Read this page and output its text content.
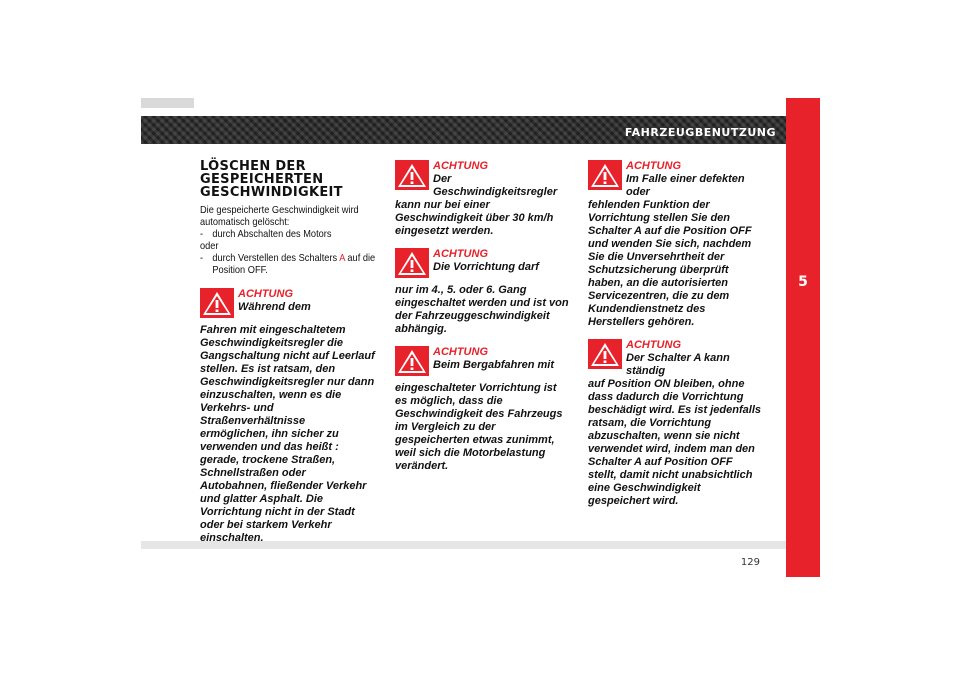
FAHRZEUGBENUTZUNG
5
129
LÖSCHEN DER
GESPEICHERTEN
GESCHWINDIGKEIT
Die gespeicherte Geschwindigkeit wird automatisch gelöscht:
- durch Abschalten des Motors
oder
- durch Verstellen des Schalters A auf die Position OFF.
ACHTUNG
Während dem
Fahren mit eingeschaltetem Geschwindigkeitsregler die Gangschaltung nicht auf Leerlauf stellen. Es ist ratsam, den Geschwindigkeitsregler nur dann einzuschalten, wenn es die Verkehrs- und Straßenverhältnisse ermöglichen, ihn sicher zu verwenden und das heißt : gerade, trockene Straßen, Schnellstraßen oder Autobahnen, fließender Verkehr und glatter Asphalt. Die Vorrichtung nicht in der Stadt oder bei starkem Verkehr einschalten.
ACHTUNG
Der Geschwindigkeitsregler
kann nur bei einer Geschwindigkeit über 30 km/h eingesetzt werden.
ACHTUNG
Die Vorrichtung darf
nur im 4., 5. oder 6. Gang eingeschaltet werden und ist von der Fahrzeuggeschwindigkeit abhängig.
ACHTUNG
Beim Bergabfahren mit
eingeschalteter Vorrichtung ist es möglich, dass die Geschwindigkeit des Fahrzeugs im Vergleich zu der gespeicherten etwas zunimmt, weil sich die Motorbelastung verändert.
ACHTUNG
Im Falle einer defekten oder
fehlenden Funktion der Vorrichtung stellen Sie den Schalter A auf die Position OFF und wenden Sie sich, nachdem Sie die Unversehrtheit der Schutzsicherung überprüft haben, an die autorisierten Servicezentren, die zu dem Kundendienstnetz des Herstellers gehören.
ACHTUNG
Der Schalter A kann ständig
auf Position ON bleiben, ohne dass dadurch die Vorrichtung beschädigt wird. Es ist jedenfalls ratsam, die Vorrichtung abzuschalten, wenn sie nicht verwendet wird, indem man den Schalter A auf Position OFF stellt, damit nicht unabsichtlich eine Geschwindigkeit gespeichert wird.
